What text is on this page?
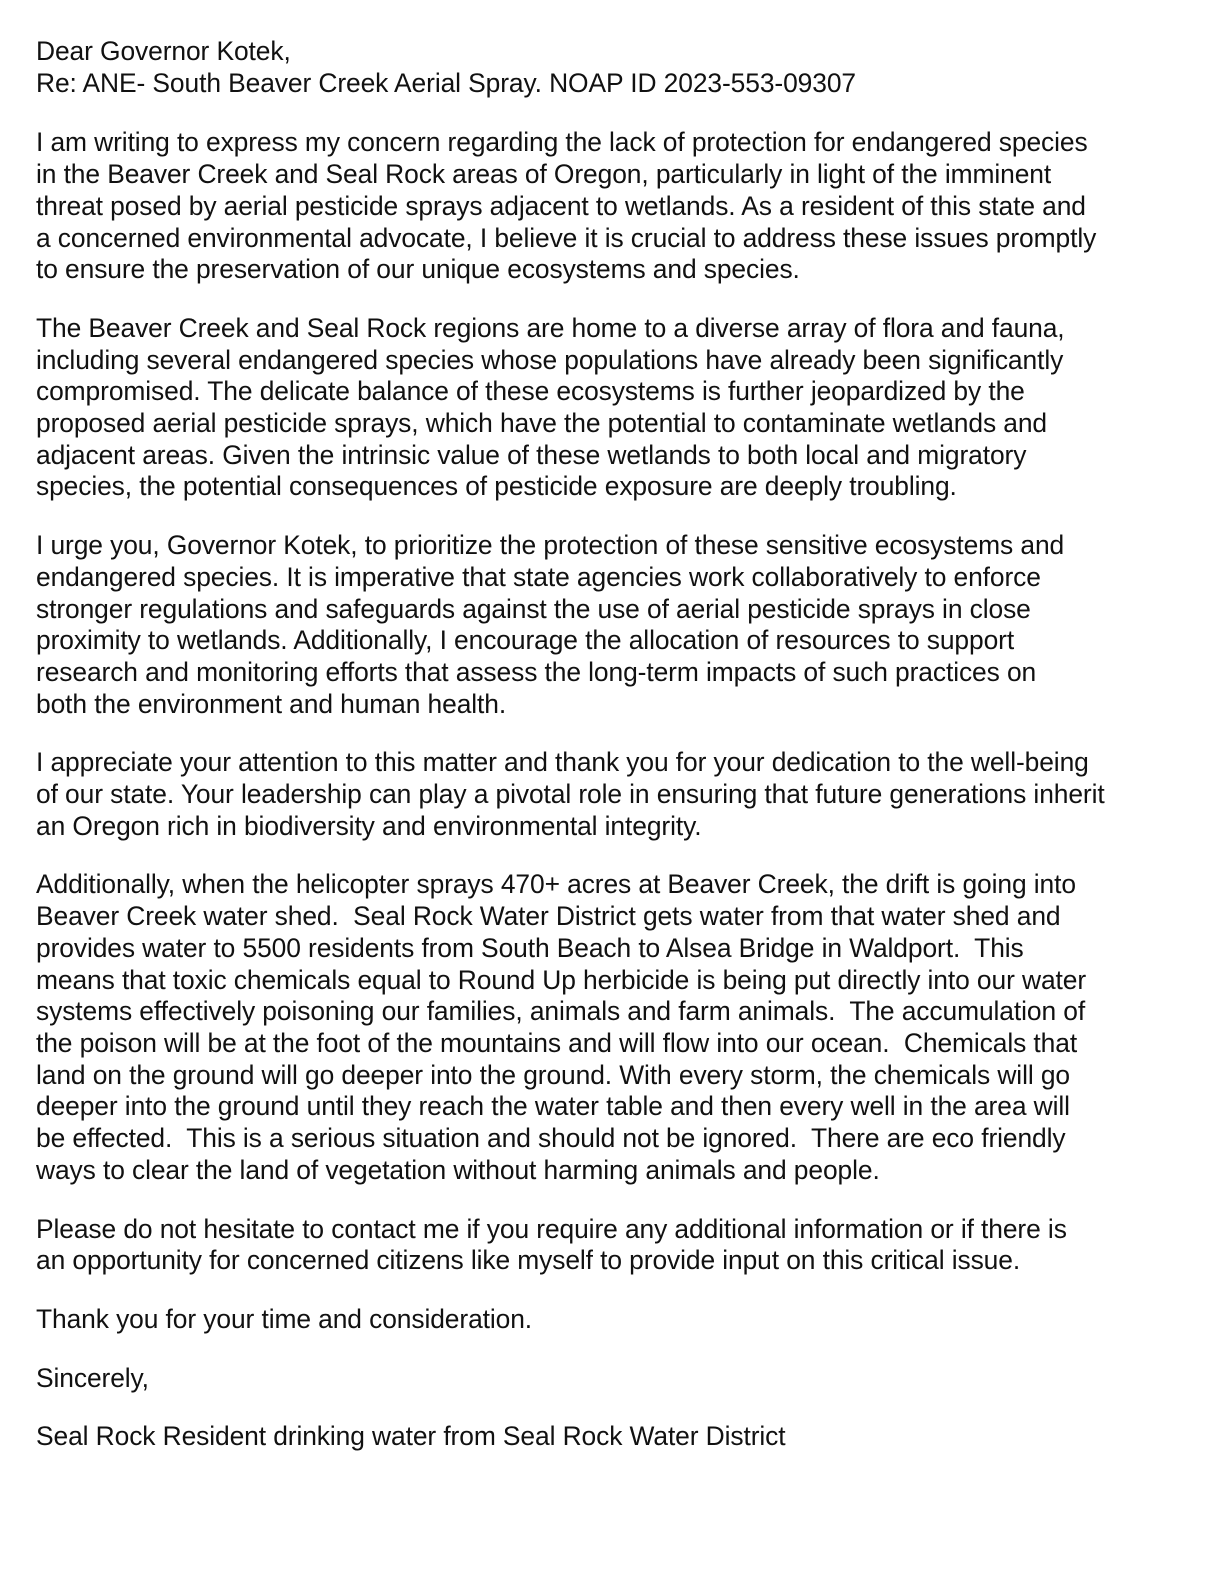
Dear Governor Kotek,
Re: ANE- South Beaver Creek Aerial Spray. NOAP ID 2023-553-09307
I am writing to express my concern regarding the lack of protection for endangered species
in the Beaver Creek and Seal Rock areas of Oregon, particularly in light of the imminent
threat posed by aerial pesticide sprays adjacent to wetlands. As a resident of this state and
a concerned environmental advocate, I believe it is crucial to address these issues promptly
to ensure the preservation of our unique ecosystems and species.
The Beaver Creek and Seal Rock regions are home to a diverse array of flora and fauna,
including several endangered species whose populations have already been significantly
compromised. The delicate balance of these ecosystems is further jeopardized by the
proposed aerial pesticide sprays, which have the potential to contaminate wetlands and
adjacent areas. Given the intrinsic value of these wetlands to both local and migratory
species, the potential consequences of pesticide exposure are deeply troubling.
I urge you, Governor Kotek, to prioritize the protection of these sensitive ecosystems and
endangered species. It is imperative that state agencies work collaboratively to enforce
stronger regulations and safeguards against the use of aerial pesticide sprays in close
proximity to wetlands. Additionally, I encourage the allocation of resources to support
research and monitoring efforts that assess the long-term impacts of such practices on
both the environment and human health.
I appreciate your attention to this matter and thank you for your dedication to the well-being
of our state. Your leadership can play a pivotal role in ensuring that future generations inherit
an Oregon rich in biodiversity and environmental integrity.
Additionally, when the helicopter sprays 470+ acres at Beaver Creek, the drift is going into
Beaver Creek water shed.  Seal Rock Water District gets water from that water shed and
provides water to 5500 residents from South Beach to Alsea Bridge in Waldport.  This
means that toxic chemicals equal to Round Up herbicide is being put directly into our water
systems effectively poisoning our families, animals and farm animals.  The accumulation of
the poison will be at the foot of the mountains and will flow into our ocean.  Chemicals that
land on the ground will go deeper into the ground. With every storm, the chemicals will go
deeper into the ground until they reach the water table and then every well in the area will
be effected.  This is a serious situation and should not be ignored.  There are eco friendly
ways to clear the land of vegetation without harming animals and people.
Please do not hesitate to contact me if you require any additional information or if there is
an opportunity for concerned citizens like myself to provide input on this critical issue.
Thank you for your time and consideration.
Sincerely,
Seal Rock Resident drinking water from Seal Rock Water District
